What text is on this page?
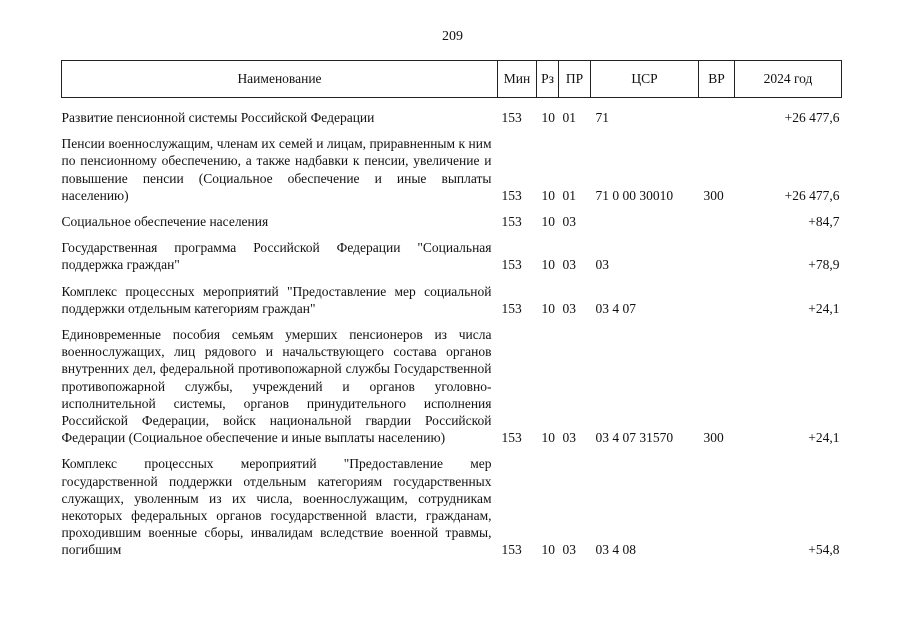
209
Наименование	Мин	Рз	ПР	ЦСР	ВР	2024 год
Развитие пенсионной системы Российской Федерации	153	10	01	71		+26 477,6
Пенсии военнослужащим, членам их семей и лицам, приравненным к ним по пенсионному обеспечению, а также надбавки к пенсии, увеличение и повышение пенсии (Социальное обеспечение и иные выплаты населению)	153	10	01	71 0 00 30010	300	+26 477,6
Социальное обеспечение населения	153	10	03			+84,7
Государственная программа Российской Федерации "Социальная поддержка граждан"	153	10	03	03		+78,9
Комплекс процессных мероприятий "Предоставление мер социальной поддержки отдельным категориям граждан"	153	10	03	03 4 07		+24,1
Единовременные пособия семьям умерших пенсионеров из числа военнослужащих, лиц рядового и начальствующего состава органов внутренних дел, федеральной противопожарной службы Государственной противопожарной службы, учреждений и органов уголовно-исполнительной системы, органов принудительного исполнения Российской Федерации, войск национальной гвардии Российской Федерации (Социальное обеспечение и иные выплаты населению)	153	10	03	03 4 07 31570	300	+24,1
Комплекс процессных мероприятий "Предоставление мер государственной поддержки отдельным категориям государственных служащих, уволенным из их числа, военнослужащим, сотрудникам некоторых федеральных органов государственной власти, гражданам, проходившим военные сборы, инвалидам вследствие военной травмы, погибшим	153	10	03	03 4 08		+54,8
